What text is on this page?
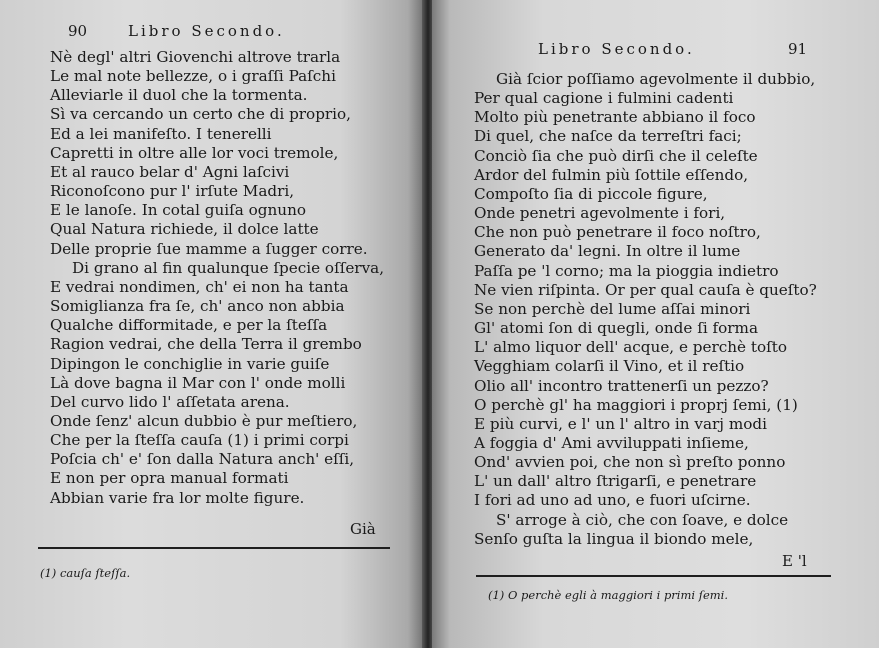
90	Libro Secondo.
Nè degl' altri Giovenchi altrove trarla
Le mal note bellezze, o i graſſi Paſchi
Alleviarle il duol che la tormenta.
Sì va cercando un certo che di proprio,
Ed a lei manifeſto. I tenerelli
Capretti in oltre alle lor voci tremole,
Et al rauco belar d' Agni laſcivi
Riconoſcono pur l' irſute Madri,
E le lanoſe. In cotal guiſa ognuno
Qual Natura richiede, il dolce latte
Delle proprie ſue mamme a ſugger corre.
Di grano al fin qualunque ſpecie oſſerva,
E vedrai nondimen, ch' ei non ha tanta
Somiglianza fra ſe, ch' anco non abbia
Qualche difformitade, e per la ſteſſa
Ragion vedrai, che della Terra il grembo
Dipingon le conchiglie in varie guiſe
Là dove bagna il Mar con l' onde molli
Del curvo lido l' aſſetata arena.
Onde ſenz' alcun dubbio è pur meſtiero,
Che per la ſteſſa cauſa (1) i primi corpi
Poſcia ch' e' ſon dalla Natura anch' eſſi,
E non per opra manual formati
Abbian varie fra lor molte figure.
Già
(1) cauſa ſteſſa.
Libro Secondo.	91
Già ſcior poſſiamo agevolmente il dubbio,
Per qual cagione i fulmini cadenti
Molto più penetrante abbiano il foco
Di quel, che naſce da terreſtri faci;
Conciò ſia che può dirſi che il celeſte
Ardor del fulmin più ſottile eſſendo,
Compoſto ſia di piccole figure,
Onde penetri agevolmente i fori,
Che non può penetrare il foco noſtro,
Generato da' legni. In oltre il lume
Paſſa pe 'l corno; ma la pioggia indietro
Ne vien riſpinta. Or per qual cauſa è queſto?
Se non perchè del lume aſſai minori
Gl' atomi ſon di quegli, onde ſi forma
L' almo liquor dell' acque, e perchè toſto
Vegghiam colarſi il Vino, et il reſtio
Olio all' incontro trattenerſi un pezzo?
O perchè gl' ha maggiori i proprj ſemi, (1)
E più curvi, e l' un l' altro in varj modi
A foggia d' Ami avviluppati inſieme,
Ond' avvien poi, che non sì preſto ponno
L' un dall' altro ſtrigarſi, e penetrare
I fori ad uno ad uno, e fuori uſcirne.
S' arroge à ciò, che con ſoave, e dolce
Senſo guſta la lingua il biondo mele,
E 'l
(1) O perchè egli à maggiori i primi ſemi.
